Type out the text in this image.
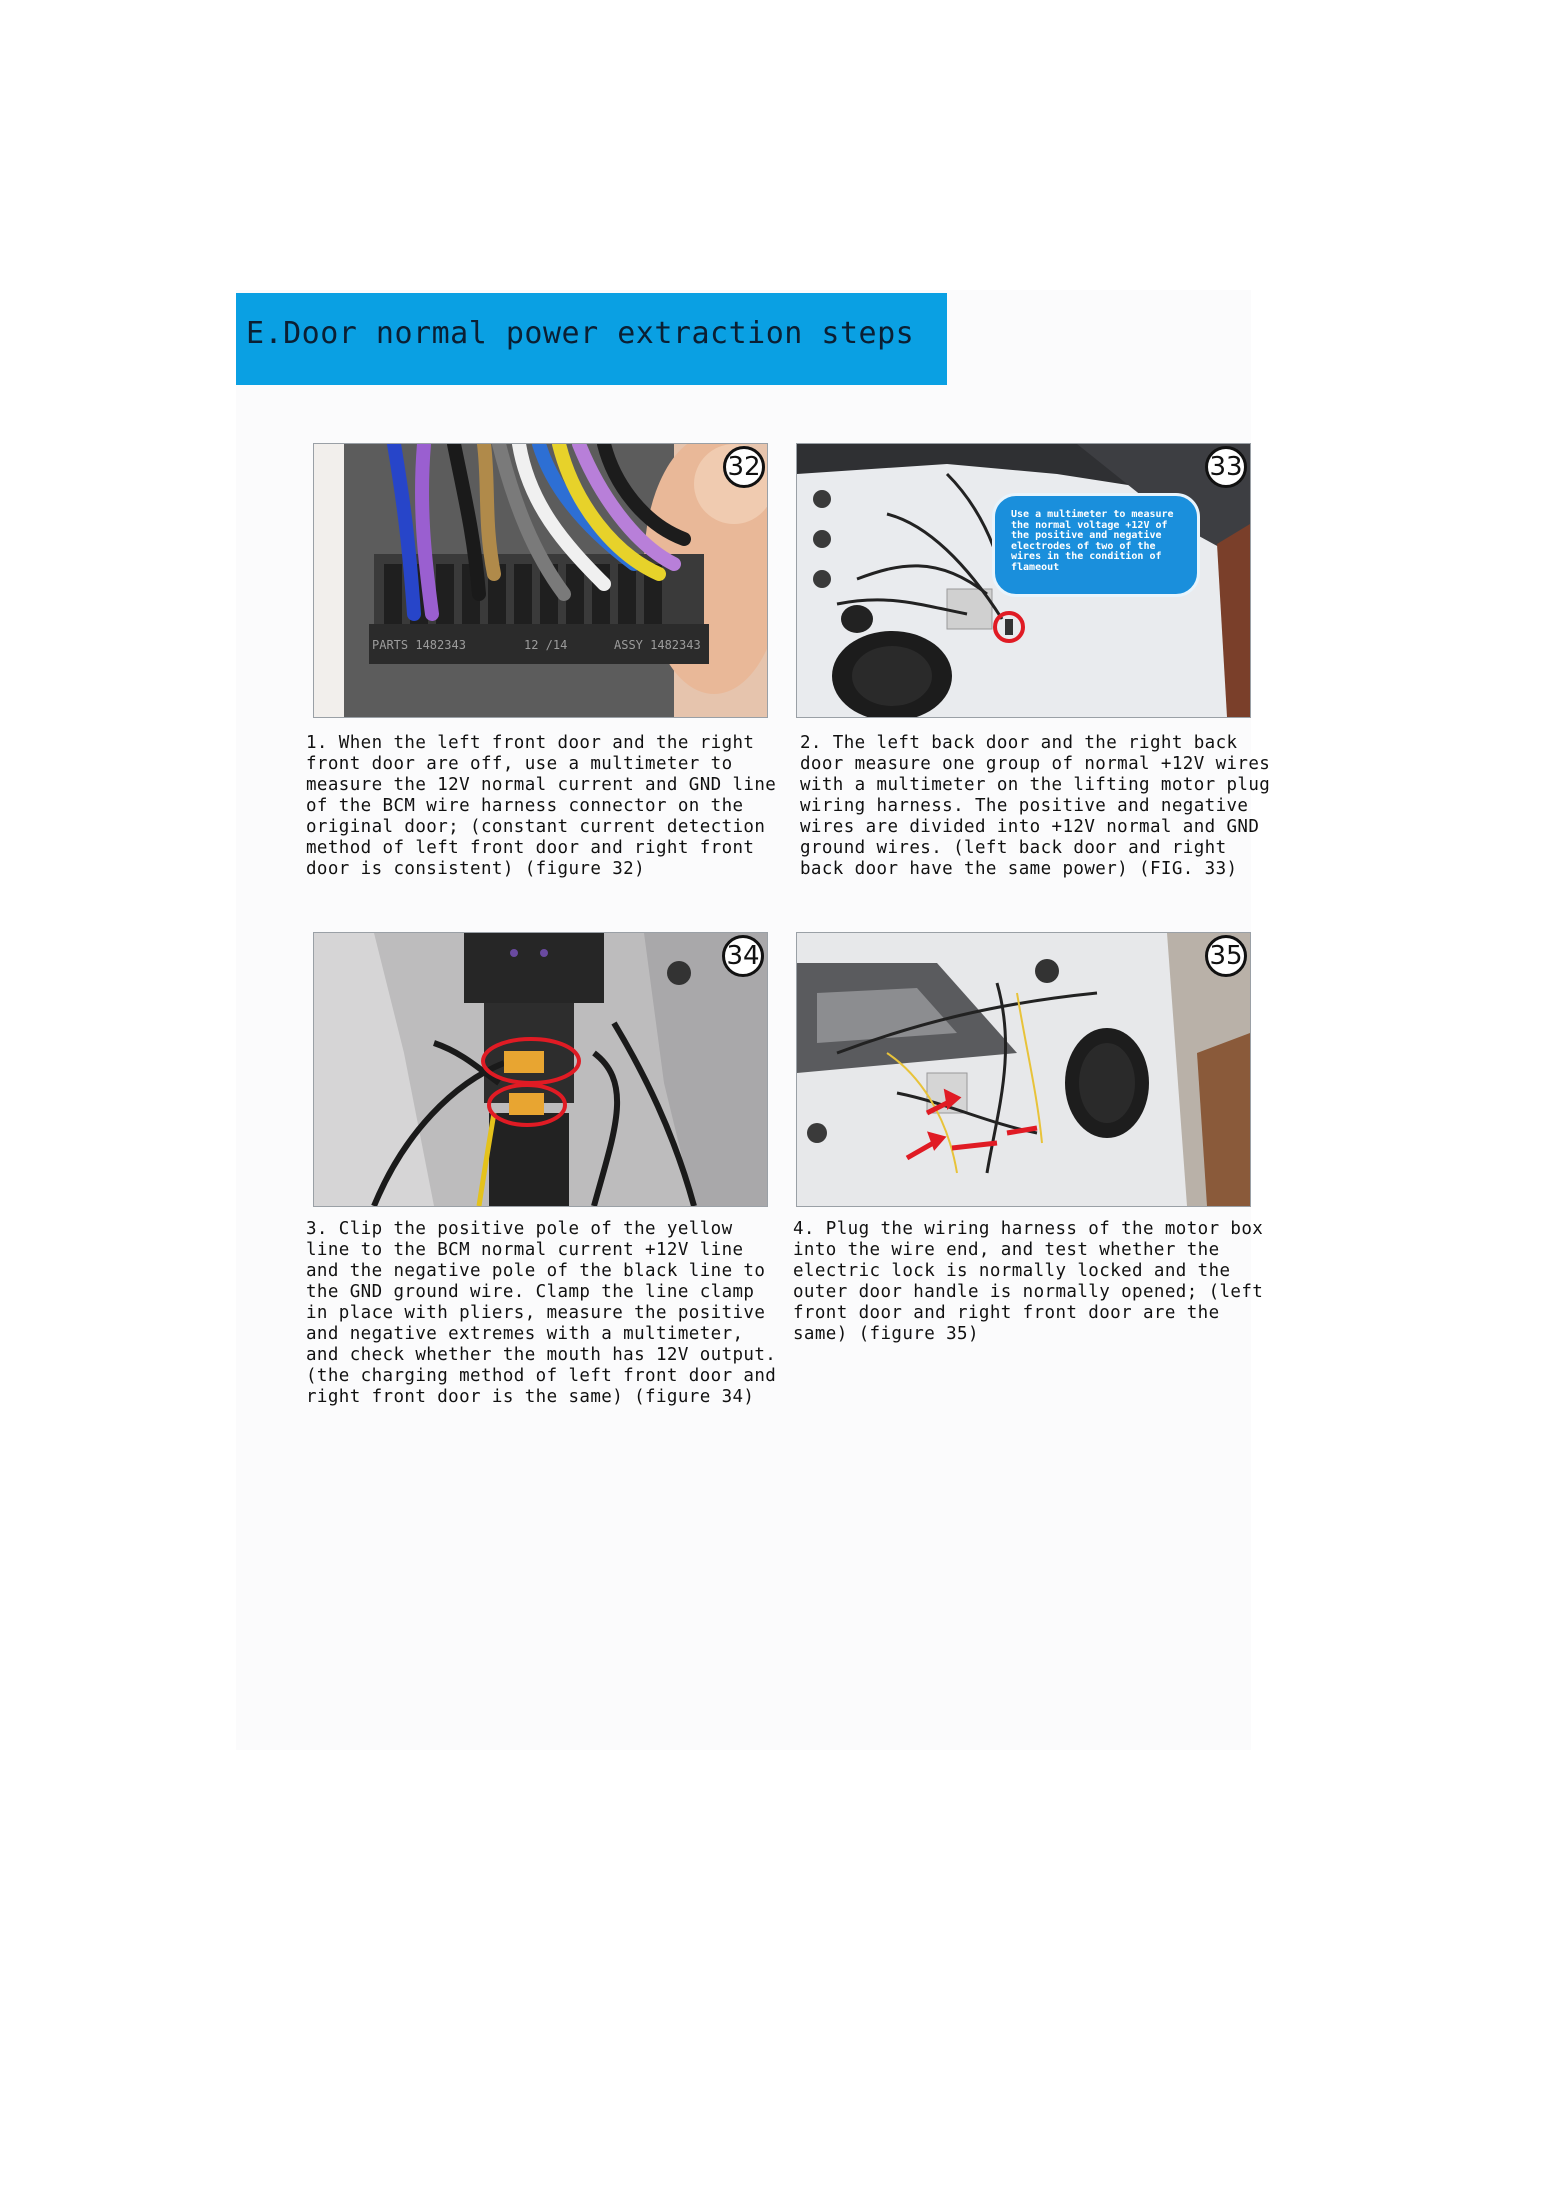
E.Door normal power extraction steps
PARTS 1482343	12 /14	ASSY 1482343
32
1. When the left front door and the right
front door are off, use a multimeter to
measure the 12V normal current and GND line
of the BCM wire harness connector on the
original door; (constant current detection
method of left front door and right front
door is consistent) (figure 32)
33
Use a multimeter to measure
the normal voltage +12V of
the positive and negative
electrodes of two of the
wires in the condition of
flameout
2. The left back door and the right back
door measure one group of normal +12V wires
with a multimeter on the lifting motor plug
wiring harness. The positive and negative
wires are divided into +12V normal and GND
ground wires. (left back door and right
back door have the same power) (FIG. 33)
34
3. Clip the positive pole of the yellow
line to the BCM normal current +12V line
and the negative pole of the black line to
the GND ground wire. Clamp the line clamp
in place with pliers, measure the positive
and negative extremes with a multimeter,
and check whether the mouth has 12V output.
(the charging method of left front door and
right front door is the same) (figure 34)
35
4. Plug the wiring harness of the motor box
into the wire end, and test whether the
electric lock is normally locked and the
outer door handle is normally opened; (left
front door and right front door are the
same) (figure 35)
